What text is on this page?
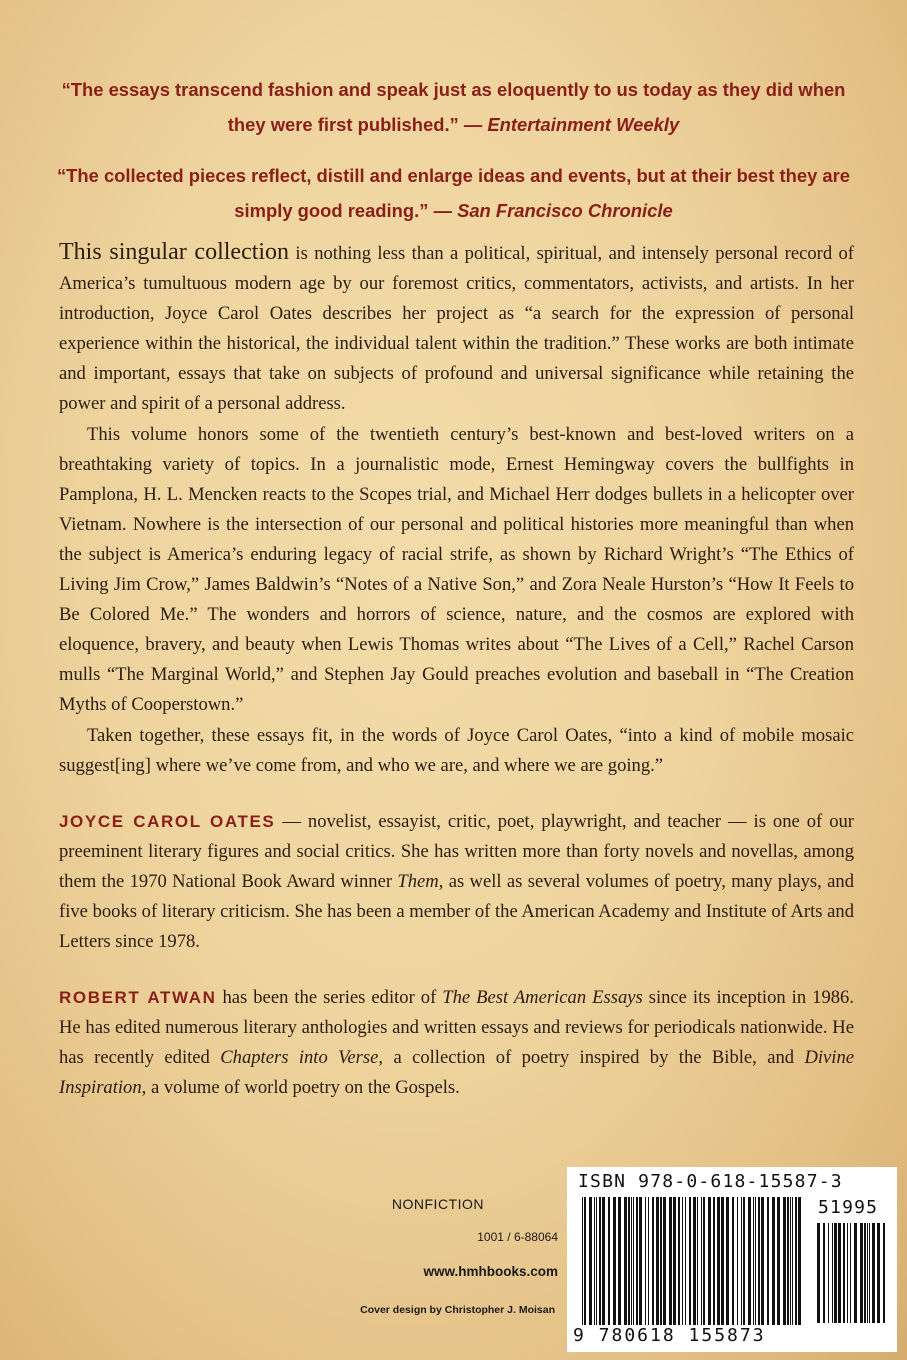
“The essays transcend fashion and speak just as eloquently to us today as they did when they were first published.” — Entertainment Weekly

“The collected pieces reflect, distill and enlarge ideas and events, but at their best they are simply good reading.” — San Francisco Chronicle

This singular collection is nothing less than a political, spiritual, and intensely personal record of America’s tumultuous modern age by our foremost critics, commentators, activists, and artists. In her introduction, Joyce Carol Oates describes her project as “a search for the expression of personal experience within the historical, the individual talent within the tradition.” These works are both intimate and important, essays that take on subjects of profound and universal significance while retaining the power and spirit of a personal address.

This volume honors some of the twentieth century’s best-known and best-loved writers on a breathtaking variety of topics. In a journalistic mode, Ernest Hemingway covers the bullfights in Pamplona, H. L. Mencken reacts to the Scopes trial, and Michael Herr dodges bullets in a helicopter over Vietnam. Nowhere is the intersection of our personal and political histories more meaningful than when the subject is America’s enduring legacy of racial strife, as shown by Richard Wright’s “The Ethics of Living Jim Crow,” James Baldwin’s “Notes of a Native Son,” and Zora Neale Hurston’s “How It Feels to Be Colored Me.” The wonders and horrors of science, nature, and the cosmos are explored with eloquence, bravery, and beauty when Lewis Thomas writes about “The Lives of a Cell,” Rachel Carson mulls “The Marginal World,” and Stephen Jay Gould preaches evolution and baseball in “The Creation Myths of Cooperstown.”

Taken together, these essays fit, in the words of Joyce Carol Oates, “into a kind of mobile mosaic suggest[ing] where we’ve come from, and who we are, and where we are going.”

JOYCE CAROL OATES — novelist, essayist, critic, poet, playwright, and teacher — is one of our preeminent literary figures and social critics. She has written more than forty novels and novellas, among them the 1970 National Book Award winner Them, as well as several volumes of poetry, many plays, and five books of literary criticism. She has been a member of the American Academy and Institute of Arts and Letters since 1978.

ROBERT ATWAN has been the series editor of The Best American Essays since its inception in 1986. He has edited numerous literary anthologies and written essays and reviews for periodicals nationwide. He has recently edited Chapters into Verse, a collection of poetry inspired by the Bible, and Divine Inspiration, a volume of world poetry on the Gospels.

NONFICTION
1001 / 6-88064
www.hmhbooks.com
Cover design by Christopher J. Moisan
ISBN 978-0-618-15587-3
51995
9 780618 155873
